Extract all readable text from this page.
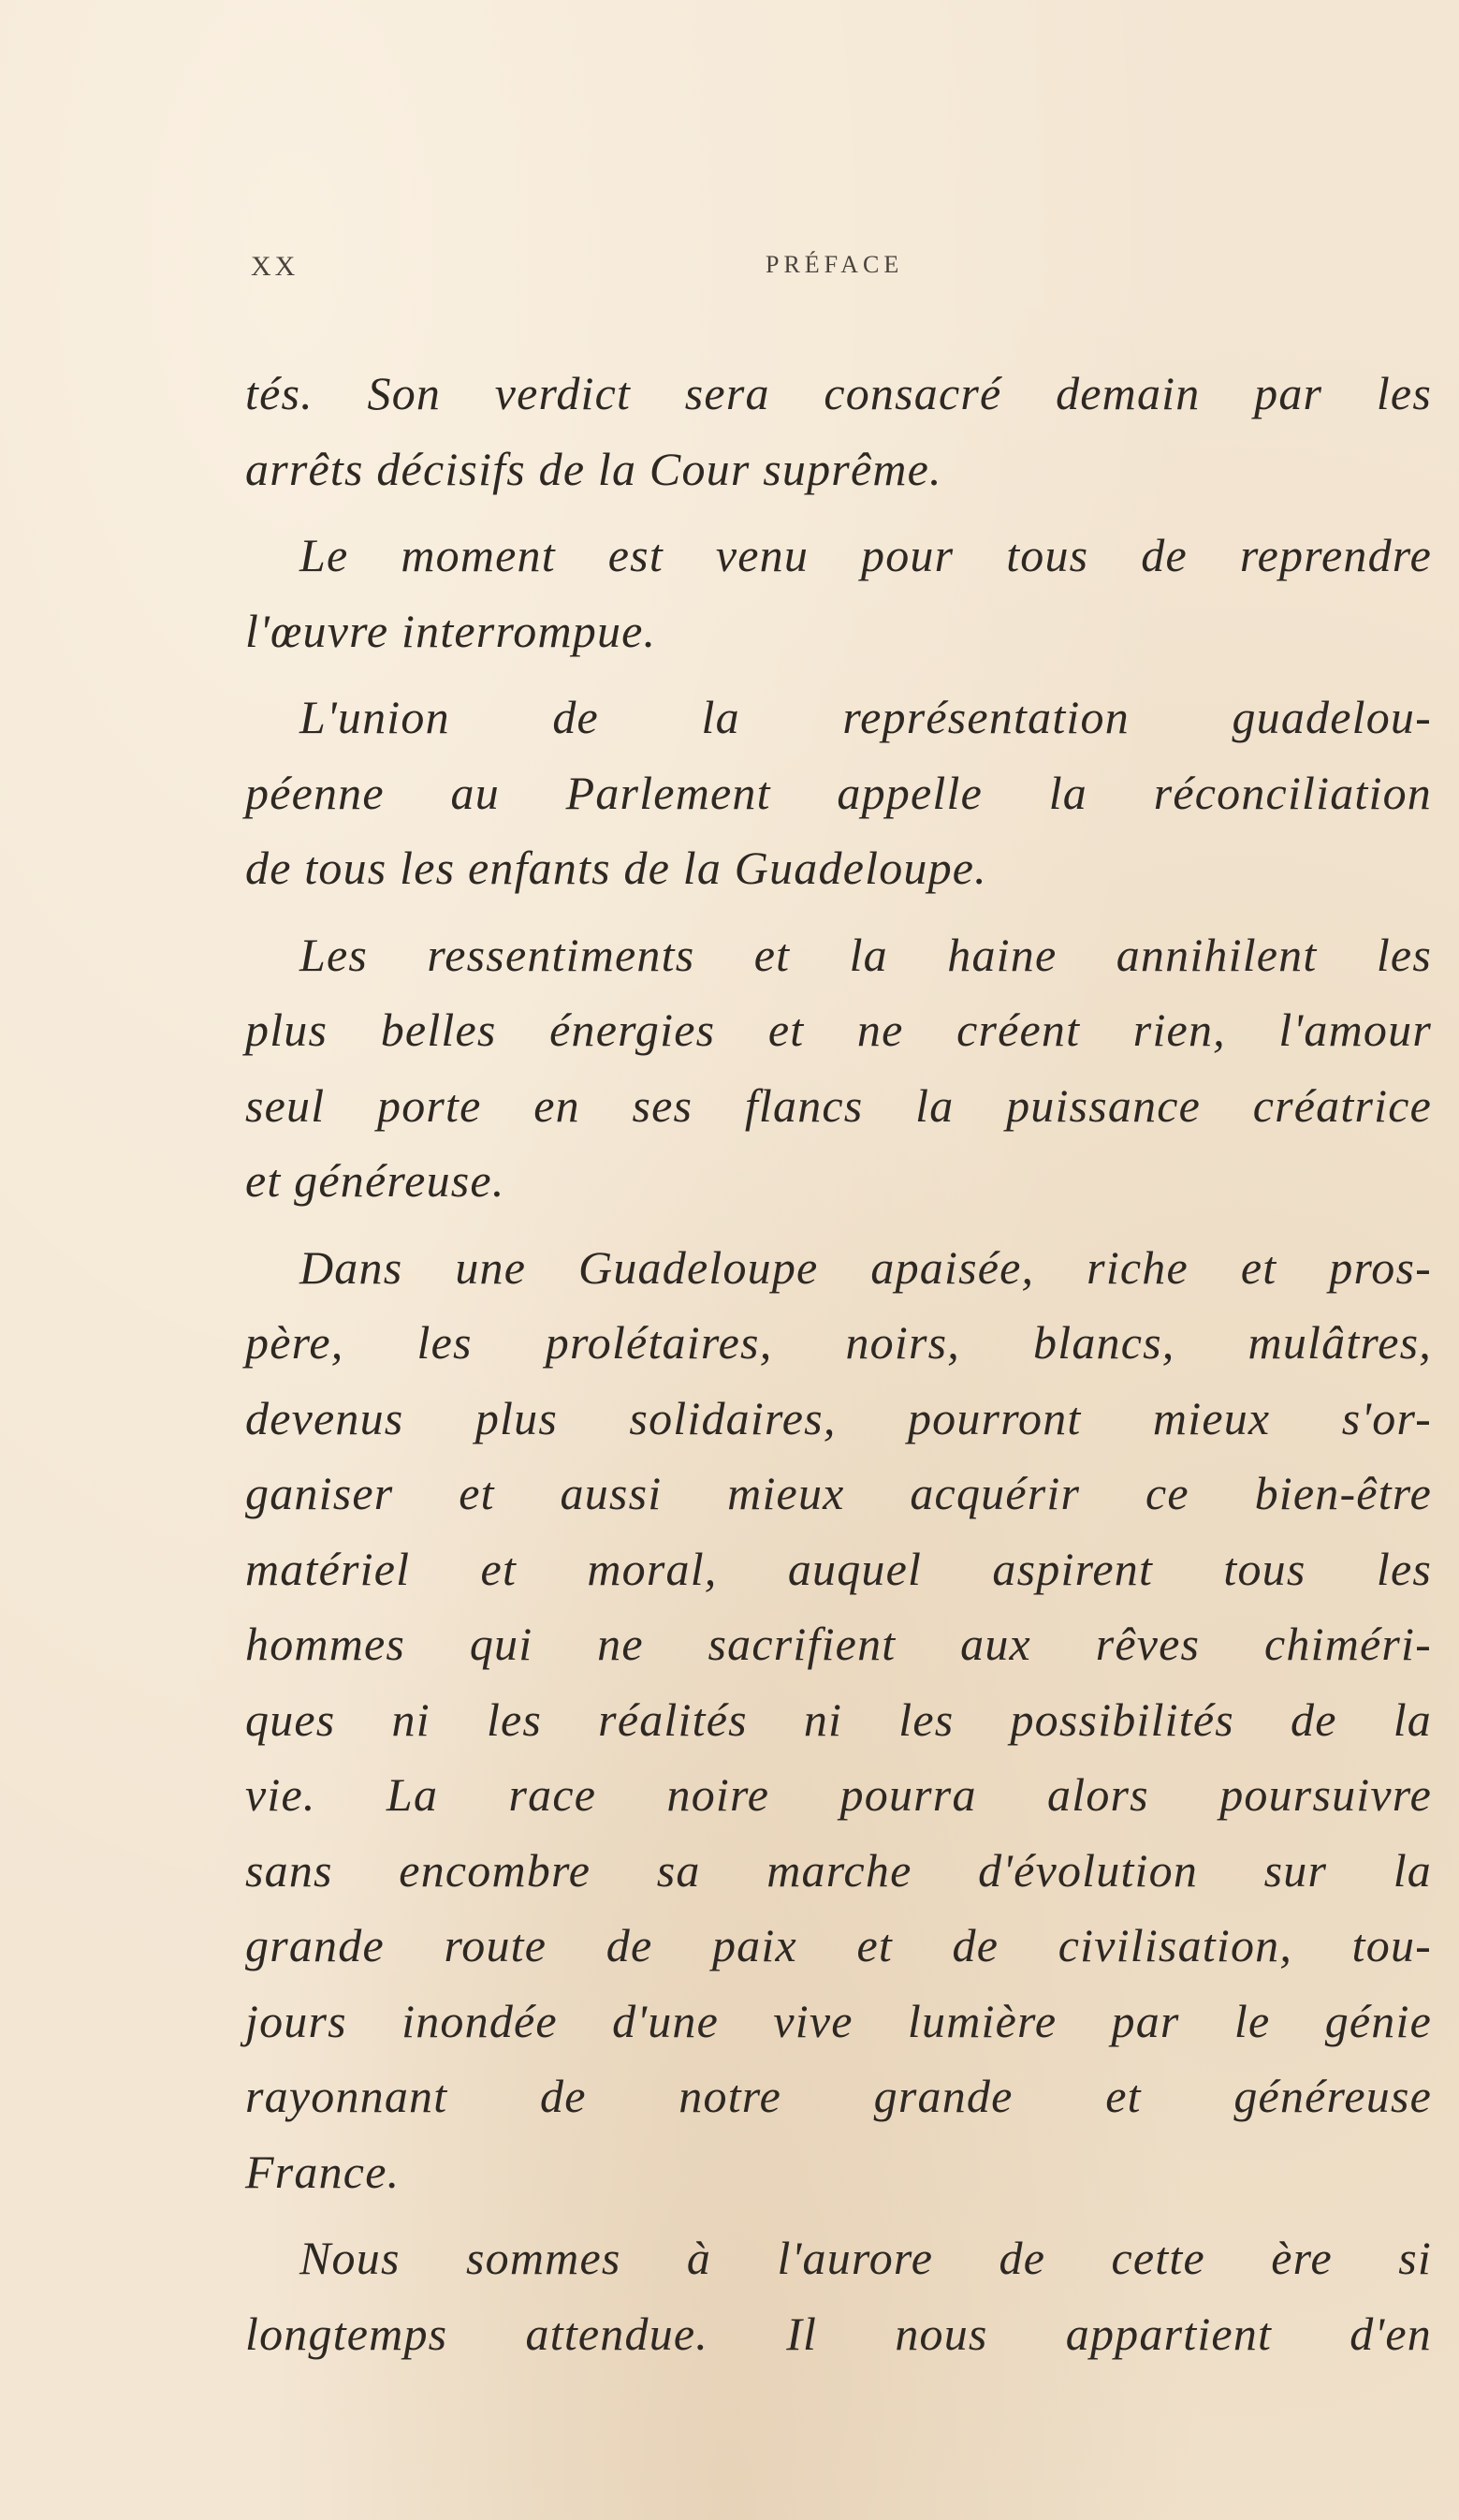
XX	PRÉFACE
tés. Son verdict sera consacré demain par les
arrêts décisifs de la Cour suprême.
Le moment est venu pour tous de reprendre
l'œuvre interrompue.
L'union de la représentation guadelou-
péenne au Parlement appelle la réconciliation
de tous les enfants de la Guadeloupe.
Les ressentiments et la haine annihilent les
plus belles énergies et ne créent rien, l'amour
seul porte en ses flancs la puissance créatrice
et généreuse.
Dans une Guadeloupe apaisée, riche et pros-
père, les prolétaires, noirs, blancs, mulâtres,
devenus plus solidaires, pourront mieux s'or-
ganiser et aussi mieux acquérir ce bien-être
matériel et moral, auquel aspirent tous les
hommes qui ne sacrifient aux rêves chiméri-
ques ni les réalités ni les possibilités de la
vie. La race noire pourra alors poursuivre
sans encombre sa marche d'évolution sur la
grande route de paix et de civilisation, tou-
jours inondée d'une vive lumière par le génie
rayonnant de notre grande et généreuse
France.
Nous sommes à l'aurore de cette ère si
longtemps attendue. Il nous appartient d'en
